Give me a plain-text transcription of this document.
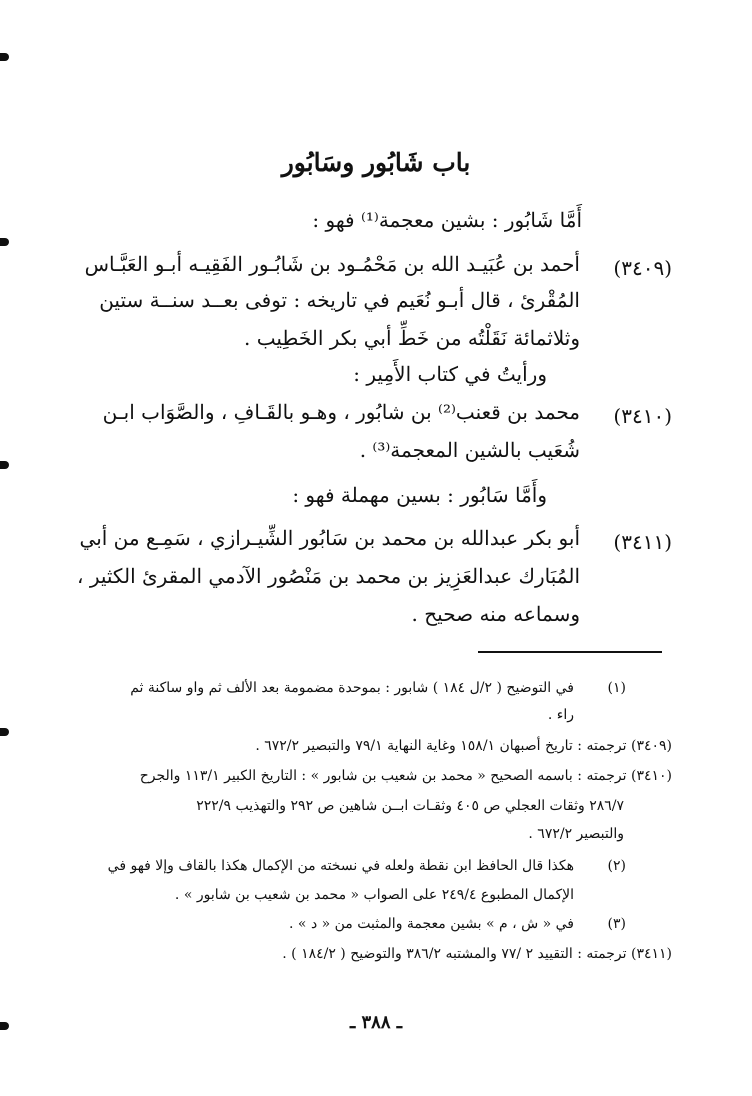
باب شَابُور وسَابُور
أَمَّا شَابُور : بشين معجمة⁽¹⁾ فهو :
(٣٤٠٩)
أحمد بن عُبَيـد الله بن مَحْمُـود بن شَابُـور الفَقِيـه أبـو العَبَّـاس
المُقْرئ ، قال أبـو نُعَيم في تاريخه : توفى بعــد سنــة ستين
وثلاثمائة نَقَلْتُه من خَطِّ أبي بكر الخَطِيب .
ورأيتُ في كتاب الأَمِير :
(٣٤١٠)
محمد بن قعنب⁽²⁾ بن شابُور ، وهـو بالقَـافِ ، والصَّوَاب ابـن
شُعَيب بالشين المعجمة⁽³⁾ .
وأَمَّا سَابُور : بسين مهملة فهو :
(٣٤١١)
أبو بكر عبدالله بن محمد بن سَابُور الشِّيـرازي ، سَمِـع من أبي
المُبَارك عبدالعَزِيز بن محمد بن مَنْصُور الآدمي المقرئ الكثير ،
وسماعه منه صحيح .
(١)
في التوضيح ( ٢/ل ١٨٤ ) شابور : بموحدة مضمومة بعد الألف ثم واو ساكنة ثم
راء .
(٣٤٠٩) ترجمته : تاريخ أصبهان ١٥٨/١ وغاية النهاية ٧٩/١ والتبصير ٦٧٢/٢ .
(٣٤١٠) ترجمته : باسمه الصحيح « محمد بن شعيب بن شابور » : التاريخ الكبير ١١٣/١ والجرح
٢٨٦/٧ وثقات العجلي ص ٤٠٥ وثقـات ابــن شاهين ص ٢٩٢ والتهذيب ٢٢٢/٩
والتبصير ٦٧٢/٢ .
(٢)
هكذا قال الحافظ ابن نقطة ولعله في نسخته من الإكمال هكذا بالقاف وإلا فهو في
الإكمال المطبوع ٢٤٩/٤ على الصواب « محمد بن شعيب بن شابور » .
(٣)
في « ش ، م » بشين معجمة والمثبت من « د » .
(٣٤١١) ترجمته : التقييد ٢ /٧٧ والمشتبه ٣٨٦/٢ والتوضيح ( ١٨٤/٢ ) .
ـ ٣٨٨ ـ
